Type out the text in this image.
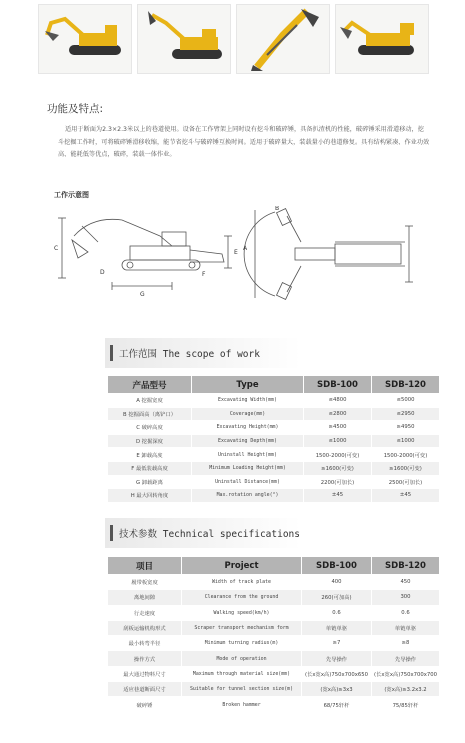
功能及特点:

适用于断面为2.3×2.3米以上的巷道使用。设备在工作臂架上同时设有挖斗和破碎锤，具备扒渣机的性能，破碎锤采用滑道移动，挖斗挖掘工作时，可将破碎锤滑移收缩，能节省挖斗与破碎锤互换时间。适用于破碎量大，装载量小的巷道修复。具有结构紧凑、作业功效高、能耗低等优点，破碎，装载一体作业。

工作示意图
C
G
E
D	F
A
B
工作范围 The scope of work
产品型号	Type	SDB-100	SDB-120
A 挖掘宽度	Excavating Width(mm)	≤4800	≤5000
B 挖掘面高（离铲口）	Coverage(mm)	≤2800	≤2950
C 破碎高度	Excavating Height(mm)	≥4500	≥4950
D 挖掘深度	Excavating Depth(mm)	≤1000	≤1000
E 卸载高度	Uninstall Height(mm)	1500-2000(可变)	1500-2000(可变)
F 最低装载高度	Minimum Loading Height(mm)	≥1600(可变)	≥1600(可变)
G 卸载距离	Uninstall Distance(mm)	2200(可加长)	2500(可加长)
H 最大回转角度	Max.rotation angle(°)	±45	±45
技术参数 Technical specifications
项目	Project	SDB-100	SDB-120
履带板宽度	Width of track plate	400	450
离地间隙	Clearance from the ground	260(可加高)	300
行走速度	Walking speed(km/h)	0.6	0.6
刮板运输机构形式	Scraper transport mechanism form	单链单驱	单链单驱
最小转弯半径	Minimum turning radius(m)	≥7	≥8
操作方式	Mode of operation	先导操作	先导操作
最大通过物料尺寸	Maximum through material size(mm)	(长x宽x高)750x700x650	(长x宽x高)750x700x700
适应巷道断面尺寸	Suitable for tunnel section size(m)	(宽x高)≥3x3	(宽x高)≥3.2x3.2
破碎锤	Broken hammer	68/75轩杆	75/85轩杆
